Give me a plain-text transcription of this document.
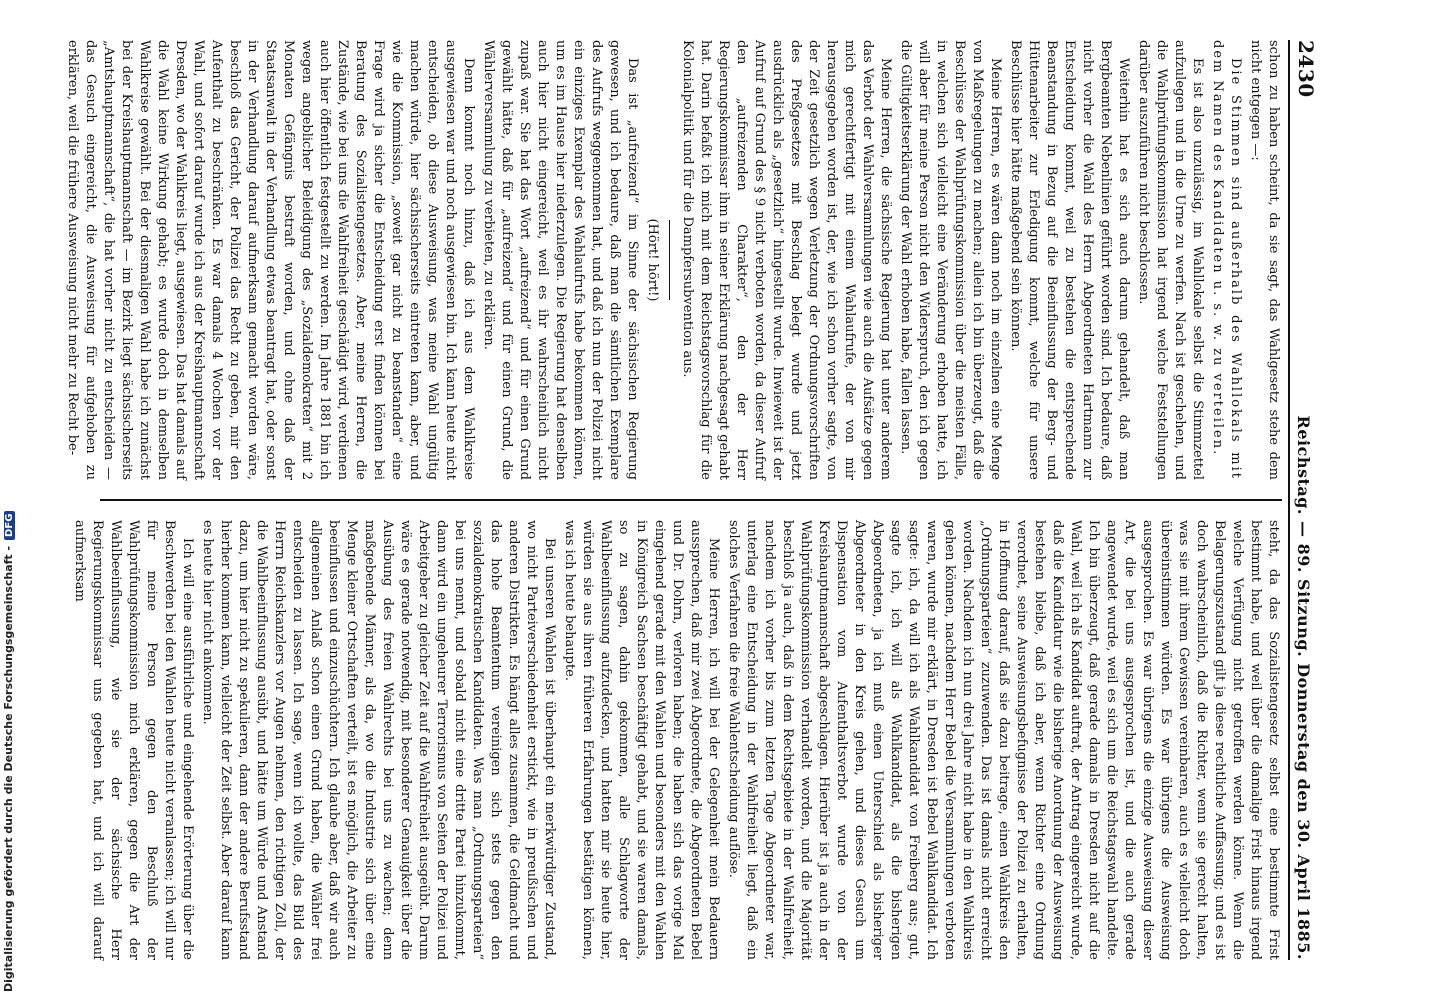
Digitalisierung gefördert durch die Deutsche Forschungsgemeinschaft -DFG
2430
Reichstag. — 89. Sitzung. Donnerstag den 30. April 1885.

schon zu haben scheint, da sie sagt, das Wahlgesetz stehe dem nicht entgegen —:

Die Stimmen sind außerhalb des Wahllokals mit dem Namen des Kandidaten u. s. w. zu verteilen.

Es ist also unzulässig, im Wahllokale selbst die Stimmzettel aufzulegen und in die Urne zu werfen. Nach ist geschehen, und die Wahlprüfungskommission hat irgend welche Feststellungen darüber auszuführen nicht beschlossen.

Weiterhin hat es sich auch darum gehandelt, daß man Bergbeamten Nebenlinien geführt worden sind. Ich bedaure, daß nicht vorher die Wahl des Herrn Abgeordneten Hartmann zur Entscheidung kommt, weil zu bestehen die entsprechende Beanstandung in Bezug auf die Beeinflussung der Berg- und Hüttenarbeiter zur Erledigung kommt, welche für unsere Beschlüsse hier hätte maßgebend sein können.

Meine Herren, es wären dann noch im einzelnen eine Menge von Maßregelungen zu machen; allein ich bin überzeugt, daß die Beschlüsse der Wahlprüfungskommission über die meisten Fälle, in welchen sich vielleicht eine Veränderung erhoben hatte, ich will aber für meine Person nicht den Widerspruch, den ich gegen die Gültigkeitserklärung der Wahl erhoben habe, fallen lassen.

Meine Herren, die sächsische Regierung hat unter anderem das Verbot der Wahlversammlungen wie auch die Aufsätze gegen mich gerechtfertigt mit einem Wahlaufrufe, der von mir herausgegeben worden ist, der, wie ich schon vorher sagte, von der Zeit gesetzlich wegen Verletzung der Ordnungsvorschriften des Preßgesetzes mit Beschlag belegt wurde und jetzt ausdrücklich als „gesetzlich“ hingestellt wurde. Inwieweit ist der Aufruf auf Grund des § 9 nicht verboten worden, da dieser Aufruf den „aufreizenden Charakter“, den der Herr Regierungskommissar ihm in seiner Erklärung nachgesagt gehabt hat. Darin befaßt ich mich mit dem Reichstagsvorschlag für die Kolonialpolitik und für die Dampfersubvention aus.

(Hört! hört!)

Das ist „aufreizend“ im Sinne der sächsischen Regierung gewesen, und ich bedaure, daß man die sämtlichen Exemplare des Aufrufs weggenommen hat, und daß ich nun der Polizei nicht ein einziges Exemplar des Wahlaufrufs habe bekommen können, um es im Hause hier niederzulegen. Die Regierung hat denselben auch hier nicht eingereicht, weil es ihr wahrscheinlich nicht zupaß war. Sie hat das Wort „aufreizend“ und für einen Grund gewählt hätte, daß für „aufreizend“ und für einen Grund, die Wählerversammlung zu verbieten, zu erklären.

Denn kommt noch hinzu, daß ich aus dem Wahlkreise ausgewiesen war und noch ausgewiesen bin. Ich kann heute nicht entscheiden, ob diese Ausweisung, was meine Wahl ungültig machen würde, hier sächsischerseits eintreten kann, aber, und wie die Kommission, „soweit gar nicht zu beanstanden“ eine Frage wird ja sicher die Entscheidung erst finden können bei Beratung des Sozialistengesetzes. Aber, meine Herren, die Zustände, wie bei uns die Wahlfreiheit geschädigt wird, verdienen auch hier öffentlich festgestellt zu werden. Im Jahre 1881 bin ich wegen angeblicher Beleidigung des „Sozialdemokraten“ mit 2 Monaten Gefängnis bestraft worden, und ohne daß der Staatsanwalt in der Verhandlung etwas beantragt hat, oder sonst in der Verhandlung darauf aufmerksam gemacht worden wäre, beschloß das Gericht, der Polizei das Recht zu geben, mir den Aufenthalt zu beschränken. Es war damals 4 Wochen vor der Wahl, und sofort darauf wurde ich aus der Kreishauptmannschaft Dresden, wo der Wahlkreis liegt, ausgewiesen. Das hat damals auf die Wahl keine Wirkung gehabt; es wurde doch in demselben Wahlkreise gewählt. Bei der diesmaligen Wahl habe ich zunächst bei der Kreishauptmannschaft — im Bezirk liegt sächsischerseits „Amtshauptmannschaft“, die hat vorher nicht zu entscheiden — das Gesuch eingereicht, die Ausweisung für aufgehoben zu erklären, weil die frühere Ausweisung nicht mehr zu Recht be-

steht, da das Sozialistengesetz selbst eine bestimmte Frist bestimmt habe, und weil über die damalige Frist hinaus irgend welche Verfügung nicht getroffen werden könne. Wenn die Belagerungszustand gilt ja diese rechtliche Auffassung; und es ist doch wahrscheinlich, daß die Richter, wenn sie gerecht halten, was sie mit ihrem Gewissen vereinbaren, auch es vielleicht doch übereinstimmen würden. Es war übrigens die Ausweisung ausgesprochen. Es war übrigens die einzige Ausweisung dieser Art, die bei uns ausgesprochen ist, und die auch gerade angewendet wurde, weil es sich um die Reichstagswahl handelte. Ich bin überzeugt, daß gerade damals in Dresden nicht auf die Wahl, weil ich als Kandidat auftrat, der Antrag eingereicht wurde, daß die Kandidatur wie die bisherige Anordnung der Ausweisung bestehen bleibe, daß ich aber, wenn Richter eine Ordnung verordnet, seine Ausweisungsbefugnisse der Polizei zu erhalten, in Hoffnung darauf, daß sie dazu beitrage, einen Wahlkreis den „Ordnungsparteien“ zuzuwenden. Das ist damals nicht erreicht worden. Nachdem ich nun drei Jahre nicht habe in den Wahlkreis gehen können, nachdem Herr Bebel die Versammlungen verboten waren, wurde mir erklärt, in Dresden ist Bebel Wahlkandidat. Ich sagte: ich, da will ich als Wahlkandidat von Freiberg aus; gut, sagte ich, ich will als Wahlkandidat, als die bisherigen Abgeordneten, ja ich muß einen Unterschied als bisheriger Abgeordneter in den Kreis gehen, und dieses Gesuch um Dispensation vom Aufenthaltsverbot wurde von der Kreishauptmannschaft abgeschlagen. Hierüber ist ja auch in der Wahlprüfungskommission verhandelt worden, und die Majorität beschloß ja auch, daß in dem Rechtsgebiete in der Wahlfreiheit, nachdem ich vorher bis zum letzten Tage Abgeordneter war, unterlag eine Entscheidung in der Wahlfreiheit liegt, daß ein solches Verfahren die freie Wahlentscheidung auflöse.

Meine Herren, ich will bei der Gelegenheit mein Bedauern aussprechen, daß mir zwei Abgeordnete, die Abgeordneten Bebel und Dr. Dohrn, verloren haben; die haben sich das vorige Mal eingehend gerade mit den Wahlen und besonders mit den Wahlen in Königreich Sachsen beschäftigt gehabt, und sie waren damals, so zu sagen, dahin gekommen, alle Schlagworte der Wahlbeeinflussung aufzudecken, und hatten mir sie heute hier, würden sie aus ihren früheren Erfahrungen bestätigen können, was ich heute behaupte.

Bei unseren Wahlen ist überhaupt ein merkwürdiger Zustand, wo nicht Parteiverschiedenheit erstickt, wie in preußischen und anderen Distrikten. Es hängt alles zusammen, die Geldmacht und das hohe Beamtentum vereinigen sich stets gegen den sozialdemokratischen Kandidaten. Was man „Ordnungsparteien“ bei uns nennt, und sobald nicht eine dritte Partei hinzukommt, dann wird ein ungeheurer Terrorismus von Seiten der Polizei und Arbeitgeber zu gleicher Zeit auf die Wahlfreiheit ausgeübt. Darum wäre es gerade notwendig, mit besonderer Genauigkeit über die Ausübung des freien Wahlrechts bei uns zu wachen; denn maßgebende Männer, als da, wo die Industrie sich über eine Menge kleiner Ortschaften verteilt, ist es möglich, die Arbeiter zu beeinflussen und einzuschüchtern. Ich glaube aber, daß wir auch allgemeinen Anlaß schon einen Grund haben, die Wähler frei entscheiden zu lassen. Ich sage, wenn ich wollte, das Bild des Herrn Reichskanzlers vor Augen nehmen, den richtigen Zoll, der die Wahlbeeinflussung ausübt, und hätte um Würde und Anstand dazu, um hier nicht zu spekulieren, dann der andere Berufsstand hierher kommen kann, vielleicht der Zeit selbst. Aber darauf kann es heute hier nicht ankommen.

Ich will eine ausführliche und eingehende Erörterung über die Beschwerden bei den Wahlen heute nicht veranlassen; ich will nur für meine Person gegen den Beschluß der Wahlprüfungskommission mich erklären, gegen die Art der Wahlbeeinflussung, wie sie der sächsische Herr Regierungskommissar uns gegeben hat, und ich will darauf aufmerksam
